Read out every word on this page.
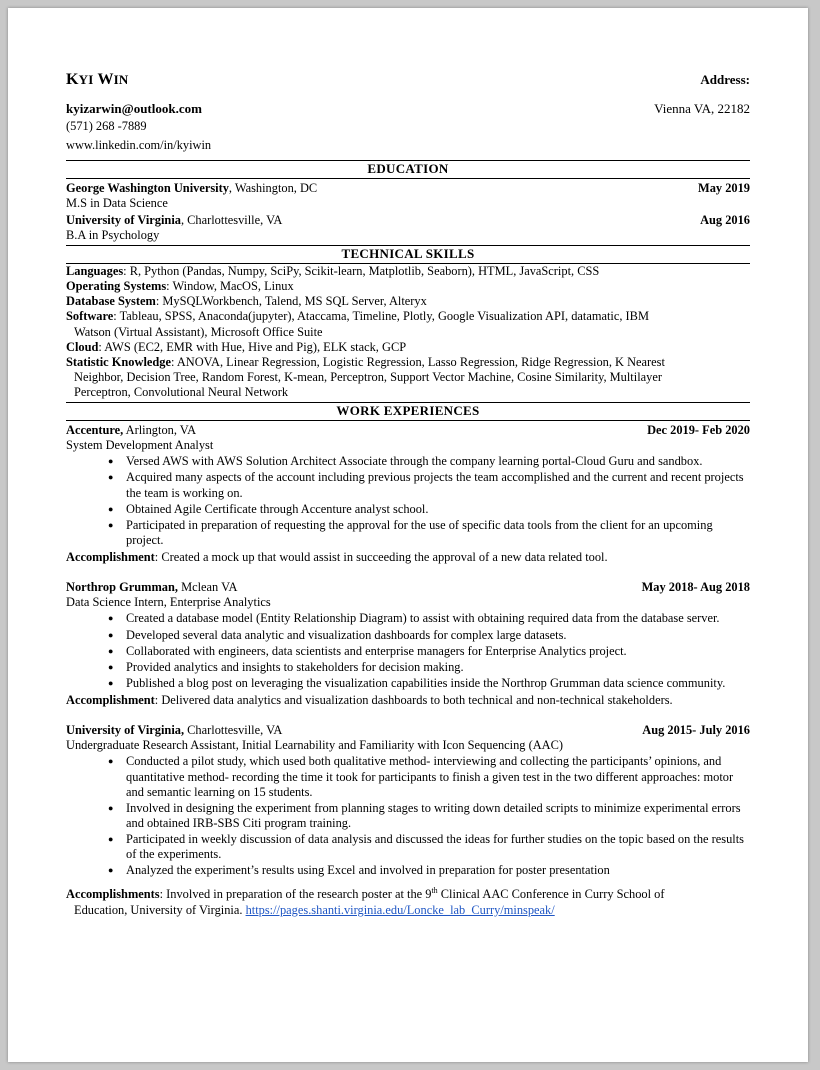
KYI WIN	Address:
kyizarwin@outlook.com	Vienna VA, 22182
(571) 268 -7889
www.linkedin.com/in/kyiwin
EDUCATION
George Washington University, Washington, DC	May 2019
M.S in Data Science
University of Virginia, Charlottesville, VA	Aug 2016
B.A in Psychology
TECHNICAL SKILLS
Languages: R, Python (Pandas, Numpy, SciPy, Scikit-learn, Matplotlib, Seaborn), HTML, JavaScript, CSS
Operating Systems: Window, MacOS, Linux
Database System: MySQLWorkbench, Talend, MS SQL Server, Alteryx
Software: Tableau, SPSS, Anaconda(jupyter), Ataccama, Timeline, Plotly, Google Visualization API, datamatic, IBM
Watson (Virtual Assistant), Microsoft Office Suite
Cloud: AWS (EC2, EMR with Hue, Hive and Pig), ELK stack, GCP
Statistic Knowledge: ANOVA, Linear Regression, Logistic Regression, Lasso Regression, Ridge Regression, K Nearest
Neighbor, Decision Tree, Random Forest, K-mean, Perceptron, Support Vector Machine, Cosine Similarity, Multilayer
Perceptron, Convolutional Neural Network
WORK EXPERIENCES
Accenture, Arlington, VA	Dec 2019- Feb 2020
System Development Analyst
● Versed AWS with AWS Solution Architect Associate through the company learning portal-Cloud Guru and sandbox.
● Acquired many aspects of the account including previous projects the team accomplished and the current and recent projects the team is working on.
● Obtained Agile Certificate through Accenture analyst school.
● Participated in preparation of requesting the approval for the use of specific data tools from the client for an upcoming project.
Accomplishment: Created a mock up that would assist in succeeding the approval of a new data related tool.
Northrop Grumman, Mclean VA	May 2018- Aug 2018
Data Science Intern, Enterprise Analytics
● Created a database model (Entity Relationship Diagram) to assist with obtaining required data from the database server.
● Developed several data analytic and visualization dashboards for complex large datasets.
● Collaborated with engineers, data scientists and enterprise managers for Enterprise Analytics project.
● Provided analytics and insights to stakeholders for decision making.
● Published a blog post on leveraging the visualization capabilities inside the Northrop Grumman data science community.
Accomplishment: Delivered data analytics and visualization dashboards to both technical and non-technical stakeholders.
University of Virginia, Charlottesville, VA	Aug 2015- July 2016
Undergraduate Research Assistant, Initial Learnability and Familiarity with Icon Sequencing (AAC)
● Conducted a pilot study, which used both qualitative method- interviewing and collecting the participants’ opinions, and quantitative method- recording the time it took for participants to finish a given test in the two different approaches: motor and semantic learning on 15 students.
● Involved in designing the experiment from planning stages to writing down detailed scripts to minimize experimental errors and obtained IRB-SBS Citi program training.
● Participated in weekly discussion of data analysis and discussed the ideas for further studies on the topic based on the results of the experiments.
● Analyzed the experiment’s results using Excel and involved in preparation for poster presentation
Accomplishments: Involved in preparation of the research poster at the 9th Clinical AAC Conference in Curry School of
Education, University of Virginia. https://pages.shanti.virginia.edu/Loncke_lab_Curry/minspeak/
